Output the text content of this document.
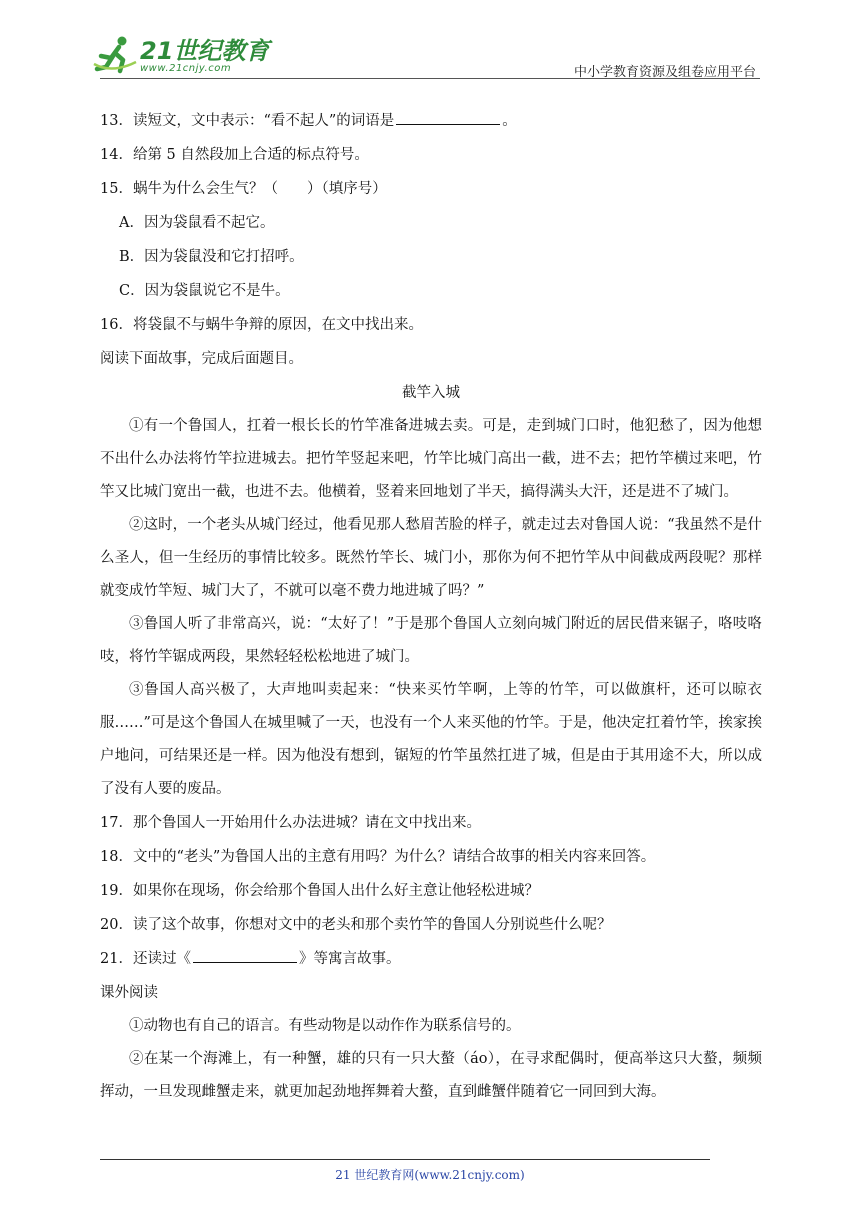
21世纪教育
www.21cnjy.com	中小学教育资源及组卷应用平台
13．读短文，文中表示：“看不起人”的词语是	。
14．给第 5 自然段加上合适的标点符号。
15．蜗牛为什么会生气？（　　）（填序号）
A．因为袋鼠看不起它。
B．因为袋鼠没和它打招呼。
C．因为袋鼠说它不是牛。
16．将袋鼠不与蜗牛争辩的原因，在文中找出来。
阅读下面故事，完成后面题目。
截竿入城
①有一个鲁国人，扛着一根长长的竹竿准备进城去卖。可是，走到城门口时，他犯愁了，因为他想不出什么办法将竹竿拉进城去。把竹竿竖起来吧，竹竿比城门高出一截，进不去；把竹竿横过来吧，竹竿又比城门宽出一截，也进不去。他横着，竖着来回地划了半天，搞得满头大汗，还是进不了城门。
②这时，一个老头从城门经过，他看见那人愁眉苦脸的样子，就走过去对鲁国人说：“我虽然不是什么圣人，但一生经历的事情比较多。既然竹竿长、城门小，那你为何不把竹竿从中间截成两段呢？那样就变成竹竿短、城门大了，不就可以毫不费力地进城了吗？”
③鲁国人听了非常高兴，说：“太好了！”于是那个鲁国人立刻向城门附近的居民借来锯子，咯吱咯吱，将竹竿锯成两段，果然轻轻松松地进了城门。
③鲁国人高兴极了，大声地叫卖起来：“快来买竹竿啊，上等的竹竿，可以做旗杆，还可以晾衣服……”可是这个鲁国人在城里喊了一天，也没有一个人来买他的竹竿。于是，他决定扛着竹竿，挨家挨户地问，可结果还是一样。因为他没有想到，锯短的竹竿虽然扛进了城，但是由于其用途不大，所以成了没有人要的废品。
17．那个鲁国人一开始用什么办法进城？请在文中找出来。
18．文中的“老头”为鲁国人出的主意有用吗？为什么？请结合故事的相关内容来回答。
19．如果你在现场，你会给那个鲁国人出什么好主意让他轻松进城？
20．读了这个故事，你想对文中的老头和那个卖竹竿的鲁国人分别说些什么呢？
21．还读过《	》等寓言故事。
课外阅读
①动物也有自己的语言。有些动物是以动作作为联系信号的。
②在某一个海滩上，有一种蟹，雄的只有一只大螯（áo），在寻求配偶时，便高举这只大螯，频频挥动，一旦发现雌蟹走来，就更加起劲地挥舞着大螯，直到雌蟹伴随着它一同回到大海。
21 世纪教育网(www.21cnjy.com)
